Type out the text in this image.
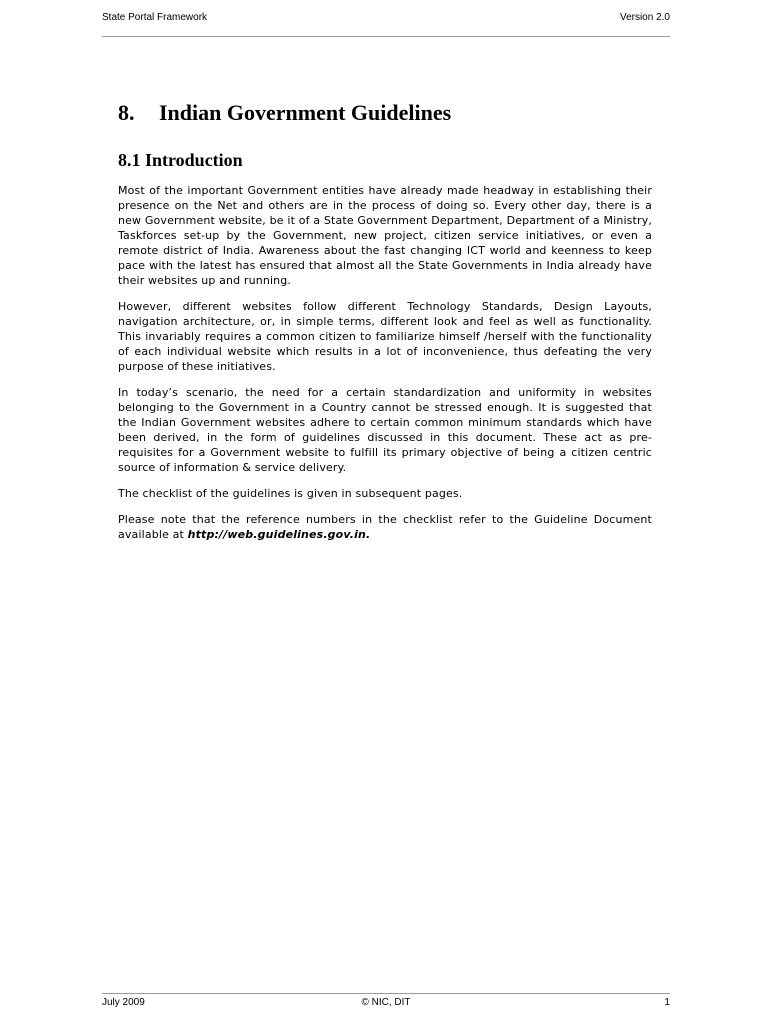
State Portal Framework	Version 2.0
8.	Indian Government Guidelines
8.1 Introduction

Most of the important Government entities have already made headway in establishing their presence on the Net and others are in the process of doing so. Every other day, there is a new Government website, be it of a State Government Department, Department of a Ministry, Taskforces set-up by the Government, new project, citizen service initiatives, or even a remote district of India. Awareness about the fast changing ICT world and keenness to keep pace with the latest has ensured that almost all the State Governments in India already have their websites up and running.

However, different websites follow different Technology Standards, Design Layouts, navigation architecture, or, in simple terms, different look and feel as well as functionality. This invariably requires a common citizen to familiarize himself /herself with the functionality of each individual website which results in a lot of inconvenience, thus defeating the very purpose of these initiatives.

In today’s scenario, the need for a certain standardization and uniformity in websites belonging to the Government in a Country cannot be stressed enough. It is suggested that the Indian Government websites adhere to certain common minimum standards which have been derived, in the form of guidelines discussed in this document. These act as pre- requisites for a Government website to fulfill its primary objective of being a citizen centric source of information & service delivery.

The checklist of the guidelines is given in subsequent pages.

Please note that the reference numbers in the checklist refer to the Guideline Document available at http://web.guidelines.gov.in.

July 2009	© NIC, DIT	1
